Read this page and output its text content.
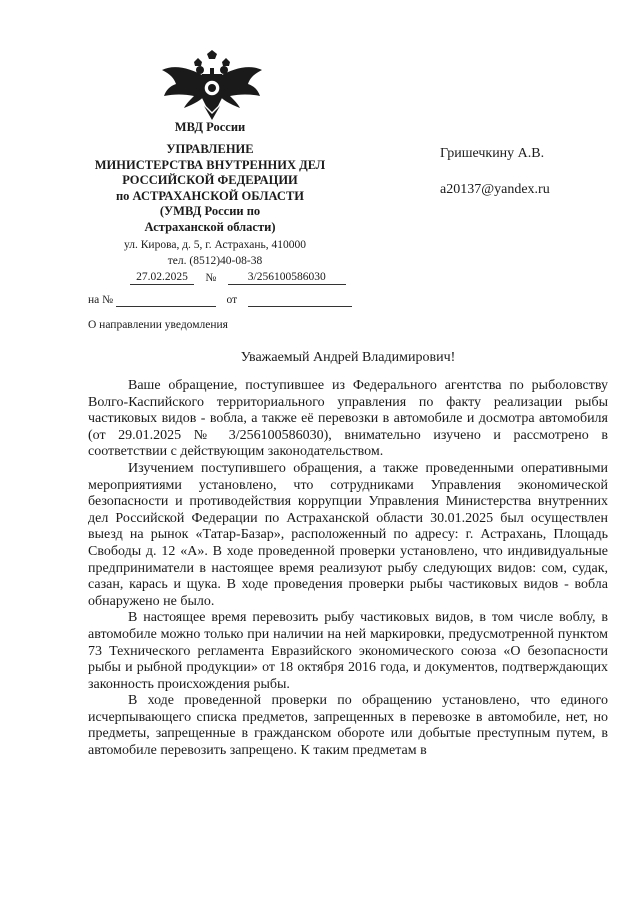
МВД России
УПРАВЛЕНИЕ
МИНИСТЕРСТВА ВНУТРЕННИХ ДЕЛ
РОССИЙСКОЙ ФЕДЕРАЦИИ
по АСТРАХАНСКОЙ ОБЛАСТИ
(УМВД России по
Астраханской области)
ул. Кирова, д. 5, г. Астрахань, 410000
тел. (8512)40-08-38
27.02.2025 №	3/256100586030
на №	от
О направлении уведомления
Гришечкину А.В.
a20137@yandex.ru
Уважаемый Андрей Владимирович!

Ваше обращение, поступившее из Федерального агентства по рыболовству Волго-Каспийского территориального управления по факту реализации рыбы частиковых видов - вобла, а также её перевозки в автомобиле и досмотра автомобиля (от 29.01.2025 № 3/256100586030), внимательно изучено и рассмотрено в соответствии с действующим законодательством.

Изучением поступившего обращения, а также проведенными оперативными мероприятиями установлено, что сотрудниками Управления экономической безопасности и противодействия коррупции Управления Министерства внутренних дел Российской Федерации по Астраханской области 30.01.2025 был осуществлен выезд на рынок «Татар-Базар», расположенный по адресу: г. Астрахань, Площадь Свободы д. 12 «А». В ходе проведенной проверки установлено, что индивидуальные предприниматели в настоящее время реализуют рыбу следующих видов: сом, судак, сазан, карась и щука. В ходе проведения проверки рыбы частиковых видов - вобла обнаружено не было.

В настоящее время перевозить рыбу частиковых видов, в том числе воблу, в автомобиле можно только при наличии на ней маркировки, предусмотренной пунктом 73 Технического регламента Евразийского экономического союза «О безопасности рыбы и рыбной продукции» от 18 октября 2016 года, и документов, подтверждающих законность происхождения рыбы.

В ходе проведенной проверки по обращению установлено, что единого исчерпывающего списка предметов, запрещенных в перевозке в автомобиле, нет, но предметы, запрещенные в гражданском обороте или добытые преступным путем, в автомобиле перевозить запрещено. К таким предметам в
